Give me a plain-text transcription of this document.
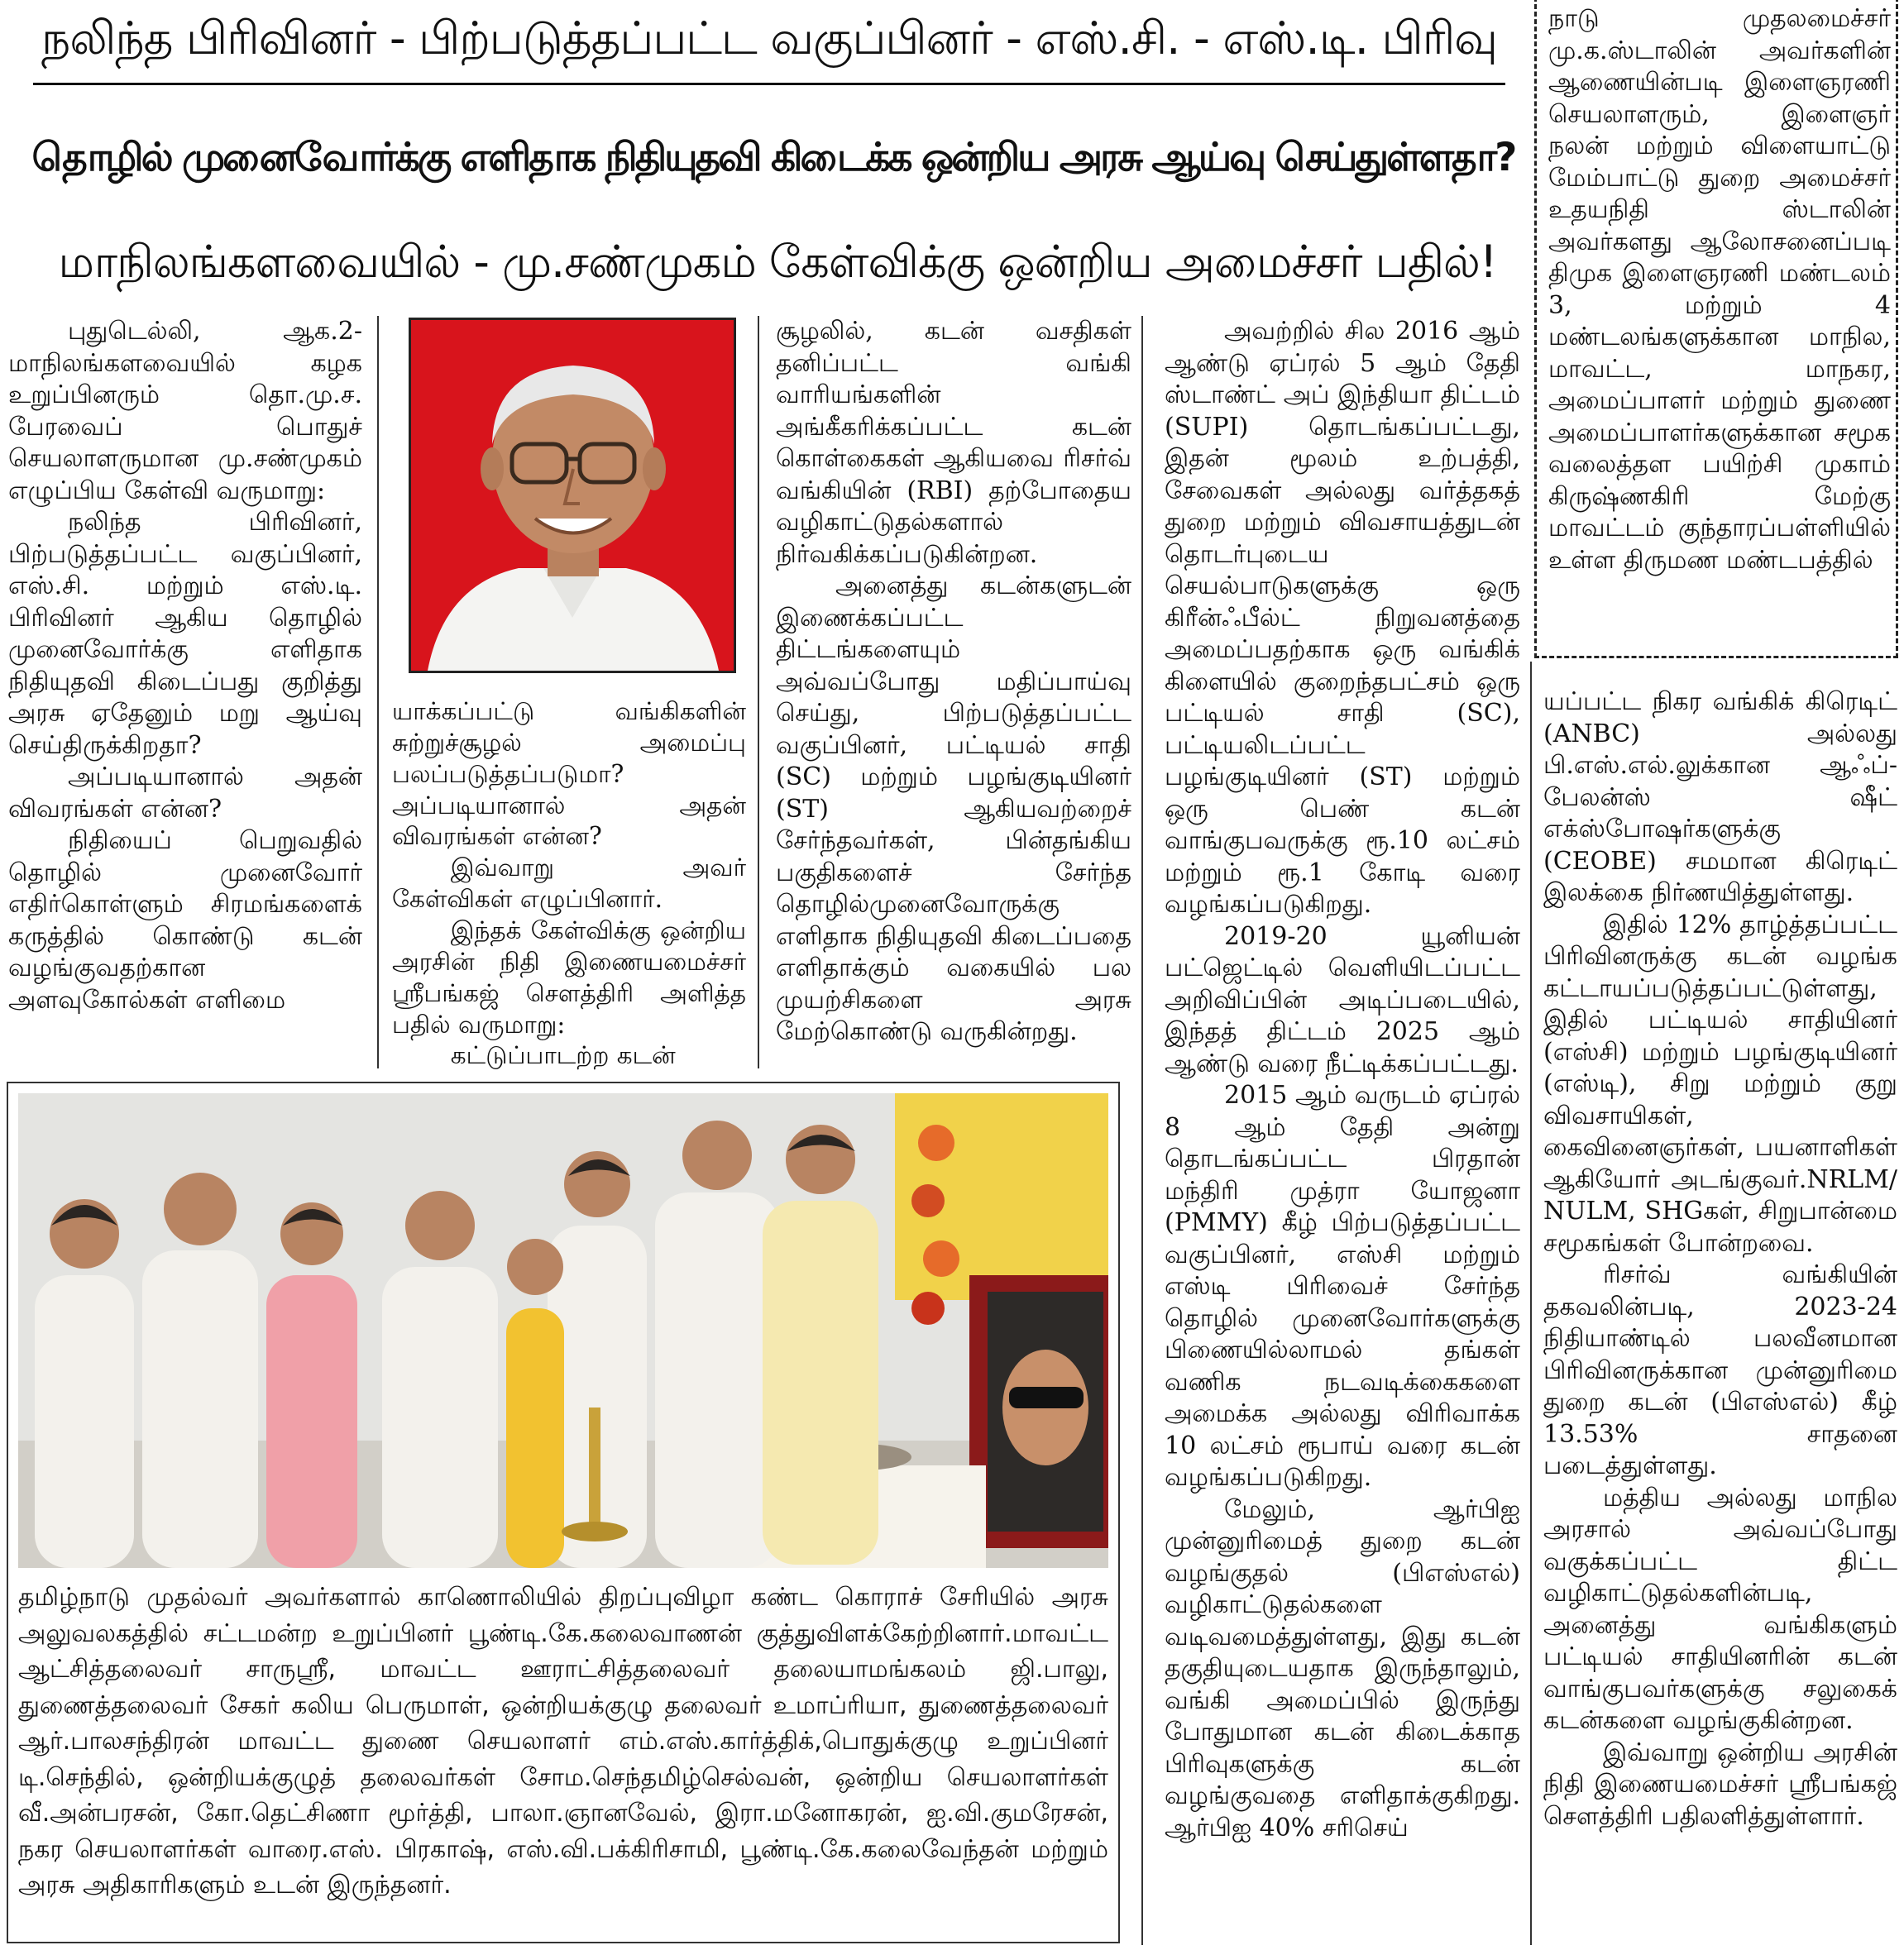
நலிந்த பிரிவினர் - பிற்படுத்தப்பட்ட வகுப்பினர் - எஸ்.சி. - எஸ்.டி. பிரிவு
தொழில் முனைவோர்க்கு எளிதாக நிதியுதவி கிடைக்க ஒன்றிய அரசு ஆய்வு செய்துள்ளதா?
மாநிலங்களவையில் - மு.சண்முகம் கேள்விக்கு ஒன்றிய அமைச்சர் பதில்!

புதுடெல்லி, ஆக.2- மாநிலங்களவையில் கழக உறுப்பினரும் தொ.மு.ச. பேரவைப் பொதுச் செயலாளருமான மு.சண்முகம் எழுப்பிய கேள்வி வருமாறு:

நலிந்த பிரிவினர், பிற்படுத்தப்பட்ட வகுப்பினர், எஸ்.சி. மற்றும் எஸ்.டி. பிரிவினர் ஆகிய தொழில் முனைவோர்க்கு எளிதாக நிதியுதவி கிடைப்பது குறித்து அரசு ஏதேனும் மறு ஆய்வு செய்திருக்கிறதா?

அப்படியானால் அதன் விவரங்கள் என்ன?

நிதியைப் பெறுவதில் தொழில் முனைவோர் எதிர்கொள்ளும் சிரமங்களைக் கருத்தில் கொண்டு கடன் வழங்குவதற்கான அளவுகோல்கள் எளிமை

யாக்கப்பட்டு வங்கிகளின் சுற்றுச்சூழல் அமைப்பு பலப்படுத்தப்படுமா? அப்படியானால் அதன் விவரங்கள் என்ன?

இவ்வாறு அவர் கேள்விகள் எழுப்பினார்.

இந்தக் கேள்விக்கு ஒன்றிய அரசின் நிதி இணையமைச்சர் ஸ்ரீபங்கஜ் சௌத்திரி அளித்த பதில் வருமாறு:

கட்டுப்பாடற்ற கடன்

சூழலில், கடன் வசதிகள் தனிப்பட்ட வங்கி வாரியங்களின் அங்கீகரிக்கப்பட்ட கடன் கொள்கைகள் ஆகியவை ரிசர்வ் வங்கியின் (RBI) தற்போதைய வழிகாட்டுதல்களால் நிர்வகிக்கப்படுகின்றன.

அனைத்து கடன்களுடன் இணைக்கப்பட்ட திட்டங்களையும் அவ்வப்போது மதிப்பாய்வு செய்து, பிற்படுத்தப்பட்ட வகுப்பினர், பட்டியல் சாதி (SC) மற்றும் பழங்குடியினர் (ST) ஆகியவற்றைச் சேர்ந்தவர்கள், பின்தங்கிய பகுதிகளைச் சேர்ந்த தொழில்முனைவோருக்கு எளிதாக நிதியுதவி கிடைப்பதை எளிதாக்கும் வகையில் பல முயற்சிகளை அரசு மேற்கொண்டு வருகின்றது.

அவற்றில் சில 2016 ஆம் ஆண்டு ஏப்ரல் 5 ஆம் தேதி ஸ்டாண்ட் அப் இந்தியா திட்டம் (SUPI) தொடங்கப்பட்டது, இதன் மூலம் உற்பத்தி, சேவைகள் அல்லது வர்த்தகத் துறை மற்றும் விவசாயத்துடன் தொடர்புடைய செயல்பாடுகளுக்கு ஒரு கிரீன்ஃபீல்ட் நிறுவனத்தை அமைப்பதற்காக ஒரு வங்கிக் கிளையில் குறைந்தபட்சம் ஒரு பட்டியல் சாதி (SC), பட்டியலிடப்பட்ட பழங்குடியினர் (ST) மற்றும் ஒரு பெண் கடன் வாங்குபவருக்கு ரூ.10 லட்சம் மற்றும் ரூ.1 கோடி வரை வழங்கப்படுகிறது.

2019-20 யூனியன் பட்ஜெட்டில் வெளியிடப்பட்ட அறிவிப்பின் அடிப்படையில், இந்தத் திட்டம் 2025 ஆம் ஆண்டு வரை நீட்டிக்கப்பட்டது.

2015 ஆம் வருடம் ஏப்ரல் 8 ஆம் தேதி அன்று தொடங்கப்பட்ட பிரதான் மந்திரி முத்ரா யோஜனா (PMMY) கீழ் பிற்படுத்தப்பட்ட வகுப்பினர், எஸ்சி மற்றும் எஸ்டி பிரிவைச் சேர்ந்த தொழில் முனைவோர்களுக்கு பிணையில்லாமல் தங்கள் வணிக நடவடிக்கைகளை அமைக்க அல்லது விரிவாக்க 10 லட்சம் ரூபாய் வரை கடன் வழங்கப்படுகிறது.

மேலும், ஆர்பிஐ முன்னுரிமைத் துறை கடன் வழங்குதல் (பிஎஸ்எல்) வழிகாட்டுதல்களை வடிவமைத்துள்ளது, இது கடன் தகுதியுடையதாக இருந்தாலும், வங்கி அமைப்பில் இருந்து போதுமான கடன் கிடைக்காத பிரிவுகளுக்கு கடன் வழங்குவதை எளிதாக்குகிறது. ஆர்பிஐ 40% சரிசெய்

நாடு முதலமைச்சர் மு.க.ஸ்டாலின் அவர்களின் ஆணையின்படி இளைஞரணி செயலாளரும், இளைஞர் நலன் மற்றும் விளையாட்டு மேம்பாட்டு துறை அமைச்சர் உதயநிதி ஸ்டாலின் அவர்களது ஆலோசனைப்படி திமுக இளைஞரணி மண்டலம் 3, மற்றும் 4 மண்டலங்களுக்கான மாநில, மாவட்ட, மாநகர, அமைப்பாளர் மற்றும் துணை அமைப்பாளர்களுக்கான சமூக வலைத்தள பயிற்சி முகாம் கிருஷ்ணகிரி மேற்கு மாவட்டம் குந்தாரப்பள்ளியில் உள்ள திருமண மண்டபத்தில்

யப்பட்ட நிகர வங்கிக் கிரெடிட் (ANBC) அல்லது பி.எஸ்.எல்.லுக்கான ஆஃப்-பேலன்ஸ் ஷீட் எக்ஸ்போஷர்களுக்கு (CEOBE) சமமான கிரெடிட் இலக்கை நிர்ணயித்துள்ளது.

இதில் 12% தாழ்த்தப்பட்ட பிரிவினருக்கு கடன் வழங்க கட்டாயப்படுத்தப்பட்டுள்ளது, இதில் பட்டியல் சாதியினர் (எஸ்சி) மற்றும் பழங்குடியினர் (எஸ்டி), சிறு மற்றும் குறு விவசாயிகள், கைவினைஞர்கள், பயனாளிகள் ஆகியோர் அடங்குவர்.NRLM/ NULM, SHGகள், சிறுபான்மை சமூகங்கள் போன்றவை.

ரிசர்வ் வங்கியின் தகவலின்படி, 2023-24 நிதியாண்டில் பலவீனமான பிரிவினருக்கான முன்னுரிமை துறை கடன் (பிஎஸ்எல்) கீழ் 13.53% சாதனை படைத்துள்ளது.

மத்திய அல்லது மாநில அரசால் அவ்வப்போது வகுக்கப்பட்ட திட்ட வழிகாட்டுதல்களின்படி, அனைத்து வங்கிகளும் பட்டியல் சாதியினரின் கடன் வாங்குபவர்களுக்கு சலுகைக் கடன்களை வழங்குகின்றன.

இவ்வாறு ஒன்றிய அரசின் நிதி இணையமைச்சர் ஸ்ரீபங்கஜ் சௌத்திரி பதிலளித்துள்ளார்.

தமிழ்நாடு முதல்வர் அவர்களால் காணொலியில் திறப்புவிழா கண்ட கொராச் சேரியில் அரசு அலுவலகத்தில் சட்டமன்ற உறுப்பினர் பூண்டி.கே.கலைவாணன் குத்துவிளக்கேற்றினார்.மாவட்ட ஆட்சித்தலைவர் சாருஸ்ரீ, மாவட்ட ஊராட்சித்தலைவர் தலையாமங்கலம் ஜி.பாலு, துணைத்தலைவர் சேகர் கலிய பெருமாள், ஒன்றியக்குழு தலைவர் உமாப்ரியா, துணைத்தலைவர் ஆர்.பாலசந்திரன் மாவட்ட துணை செயலாளர் எம்.எஸ்.கார்த்திக்,பொதுக்குழு உறுப்பினர் டி.செந்தில், ஒன்றியக்குழுத் தலைவர்கள் சோம.செந்தமிழ்செல்வன், ஒன்றிய செயலாளர்கள் வீ.அன்பரசன், கோ.தெட்சிணா மூர்த்தி, பாலா.ஞானவேல், இரா.மனோகரன், ஐ.வி.குமரேசன், நகர செயலாளர்கள் வாரை.எஸ். பிரகாஷ், எஸ்.வி.பக்கிரிசாமி, பூண்டி.கே.கலைவேந்தன் மற்றும் அரசு அதிகாரிகளும் உடன் இருந்தனர்.
